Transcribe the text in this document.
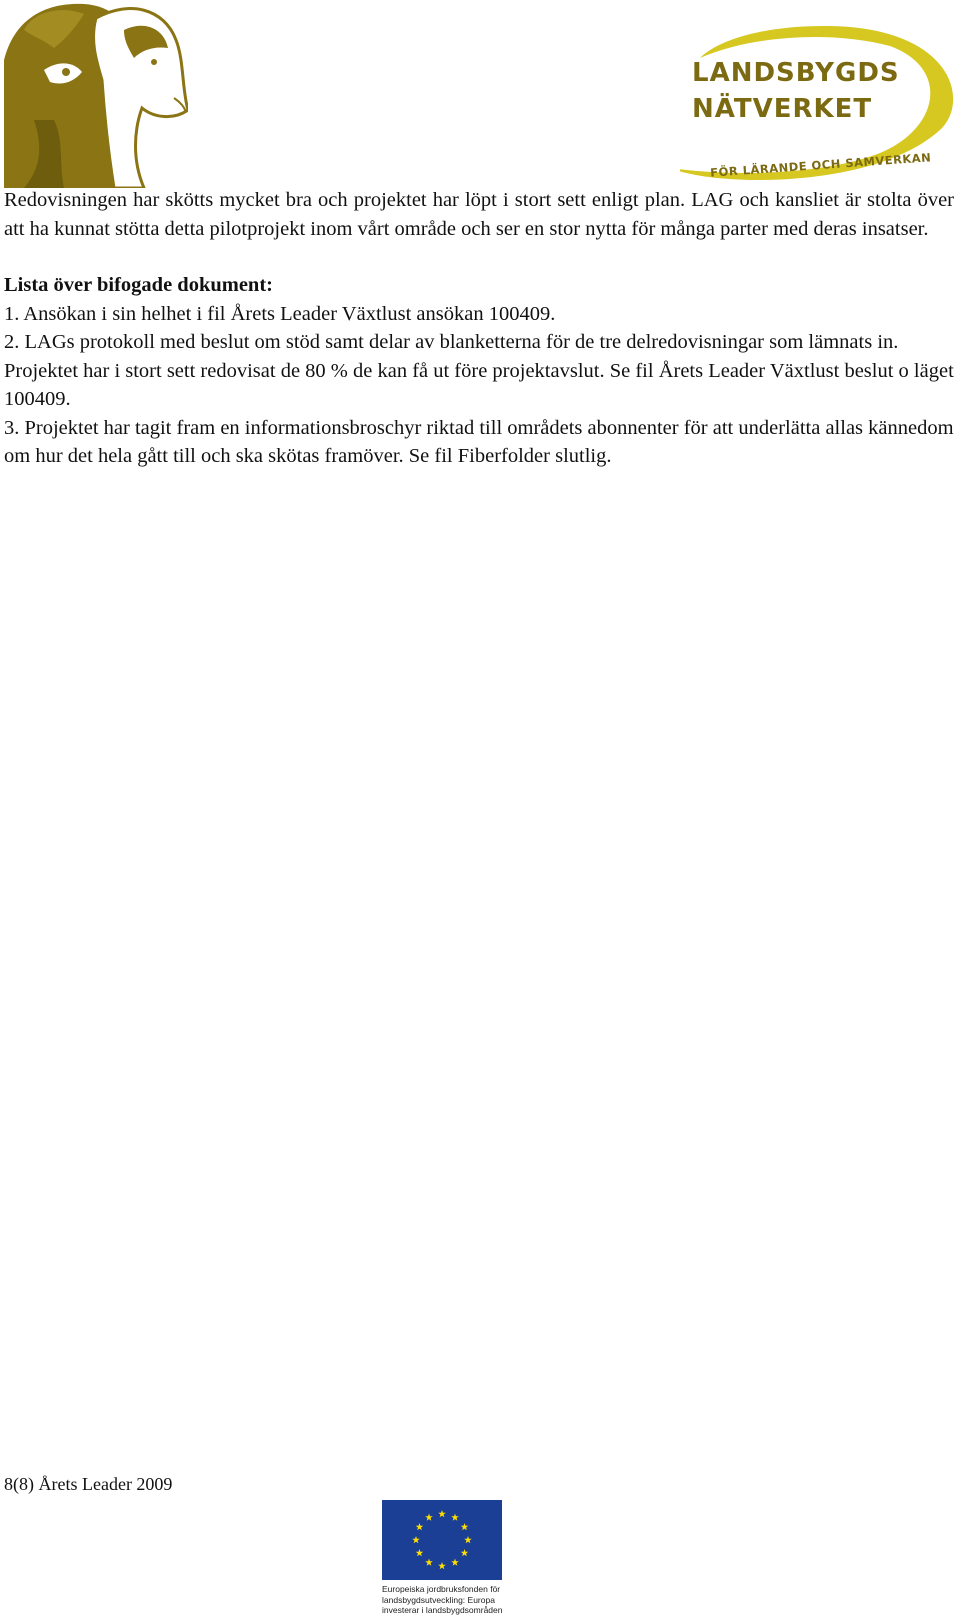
LANDSBYGDS
NÄTVERKET
FÖR LÄRANDE OCH SAMVERKAN

Redovisningen har skötts mycket bra och projektet har löpt i stort sett enligt plan. LAG och kansliet är stolta över att ha kunnat stötta detta pilotprojekt inom vårt område och ser en stor nytta för många parter med deras insatser.

Lista över bifogade dokument:

1. Ansökan i sin helhet i fil Årets Leader Växtlust ansökan 100409.
2. LAGs protokoll med beslut om stöd samt delar av blanketterna för de tre delredovisningar som lämnats in. Projektet har i stort sett redovisat de 80 % de kan få ut före projektavslut. Se fil Årets Leader Växtlust beslut o läget 100409.
3. Projektet har tagit fram en informationsbroschyr riktad till områdets abonnenter för att underlätta allas kännedom om hur det hela gått till och ska skötas framöver. Se fil Fiberfolder slutlig.
8(8) Årets Leader 2009
Europeiska jordbruksfonden för
landsbygdsutveckling: Europa
investerar i landsbygdsområden
